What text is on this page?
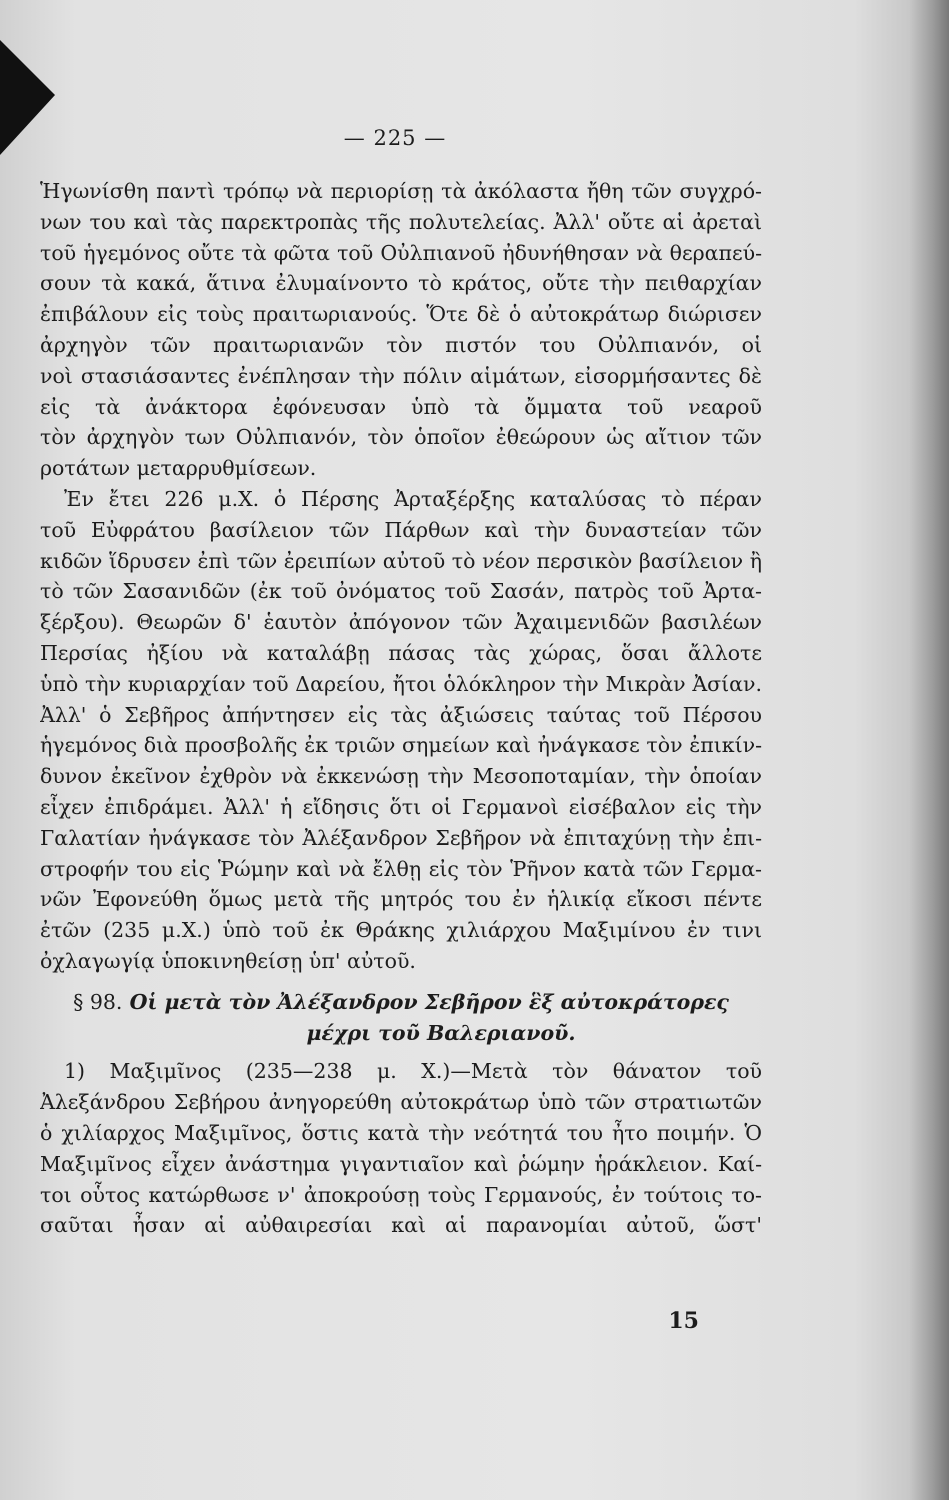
— 225 —
Ἡγωνίσθη παντὶ τρόπῳ νὰ περιορίσῃ τὰ ἀκόλαστα ἤθη τῶν συγχρό-
νων του καὶ τὰς παρεκτροπὰς τῆς πολυτελείας. Ἀλλ' οὔτε αἱ ἀρεταὶ
τοῦ ἡγεμόνος οὔτε τὰ φῶτα τοῦ Οὐλπιανοῦ ἠδυνήθησαν νὰ θεραπεύ-
σουν τὰ κακά, ἅτινα ἐλυμαίνοντο τὸ κράτος, οὔτε τὴν πειθαρχίαν
ἐπιβάλουν εἰς τοὺς πραιτωριανούς. Ὅτε δὲ ὁ αὐτοκράτωρ διώρισεν
ἀρχηγὸν τῶν πραιτωριανῶν τὸν πιστόν του Οὐλπιανόν, οἱ
νοὶ στασιάσαντες ἐνέπλησαν τὴν πόλιν αἱμάτων, εἰσορμήσαντες δὲ
εἰς τὰ ἀνάκτορα ἐφόνευσαν ὑπὸ τὰ ὄμματα τοῦ νεαροῦ
τὸν ἀρχηγὸν των Οὐλπιανόν, τὸν ὁποῖον ἐθεώρουν ὡς αἴτιον τῶν
ροτάτων μεταρρυθμίσεων.
Ἐν ἔτει 226 μ.Χ. ὁ Πέρσης Ἀρταξέρξης καταλύσας τὸ πέραν
τοῦ Εὐφράτου βασίλειον τῶν Πάρθων καὶ τὴν δυναστείαν τῶν
κιδῶν ἵδρυσεν ἐπὶ τῶν ἐρειπίων αὐτοῦ τὸ νέον περσικὸν βασίλειον ἢ
τὸ τῶν Σασανιδῶν (ἐκ τοῦ ὀνόματος τοῦ Σασάν, πατρὸς τοῦ Ἀρτα-
ξέρξου). Θεωρῶν δ' ἑαυτὸν ἀπόγονον τῶν Ἀχαιμενιδῶν βασιλέων
Περσίας ἠξίου νὰ καταλάβῃ πάσας τὰς χώρας, ὅσαι ἄλλοτε
ὑπὸ τὴν κυριαρχίαν τοῦ Δαρείου, ἤτοι ὁλόκληρον τὴν Μικρὰν Ἀσίαν.
Ἀλλ' ὁ Σεβῆρος ἀπήντησεν εἰς τὰς ἀξιώσεις ταύτας τοῦ Πέρσου
ἡγεμόνος διὰ προσβολῆς ἐκ τριῶν σημείων καὶ ἠνάγκασε τὸν ἐπικίν-
δυνον ἐκεῖνον ἐχθρὸν νὰ ἐκκενώσῃ τὴν Μεσοποταμίαν, τὴν ὁποίαν
εἶχεν ἐπιδράμει. Ἀλλ' ἡ εἴδησις ὅτι οἱ Γερμανοὶ εἰσέβαλον εἰς τὴν
Γαλατίαν ἠνάγκασε τὸν Ἀλέξανδρον Σεβῆρον νὰ ἐπιταχύνῃ τὴν ἐπι-
στροφήν του εἰς Ῥώμην καὶ νὰ ἔλθῃ εἰς τὸν Ῥῆνον κατὰ τῶν Γερμα-
νῶν Ἐφονεύθη ὅμως μετὰ τῆς μητρός του ἐν ἡλικίᾳ εἴκοσι πέντε
ἐτῶν (235 μ.Χ.) ὑπὸ τοῦ ἐκ Θράκης χιλιάρχου Μαξιμίνου ἐν τινι
ὀχλαγωγίᾳ ὑποκινηθείσῃ ὑπ' αὐτοῦ.
§ 98. Οἱ μετὰ τὸν Ἀλέξανδρον Σεβῆρον ἓξ αὐτοκράτορες
μέχρι τοῦ Βαλεριανοῦ.
1) Μαξιμῖνος (235—238 μ. Χ.)—Μετὰ τὸν θάνατον τοῦ
Ἀλεξάνδρου Σεβήρου ἀνηγορεύθη αὐτοκράτωρ ὑπὸ τῶν στρατιωτῶν
ὁ χιλίαρχος Μαξιμῖνος, ὅστις κατὰ τὴν νεότητά του ἦτο ποιμήν. Ὁ
Μαξιμῖνος εἶχεν ἀνάστημα γιγαντιαῖον καὶ ῥώμην ἡράκλειον. Καί-
τοι οὗτος κατώρθωσε ν' ἀποκρούσῃ τοὺς Γερμανούς, ἐν τούτοις το-
σαῦται ἦσαν αἱ αὐθαιρεσίαι καὶ αἱ παρανομίαι αὐτοῦ, ὥστ'
15
